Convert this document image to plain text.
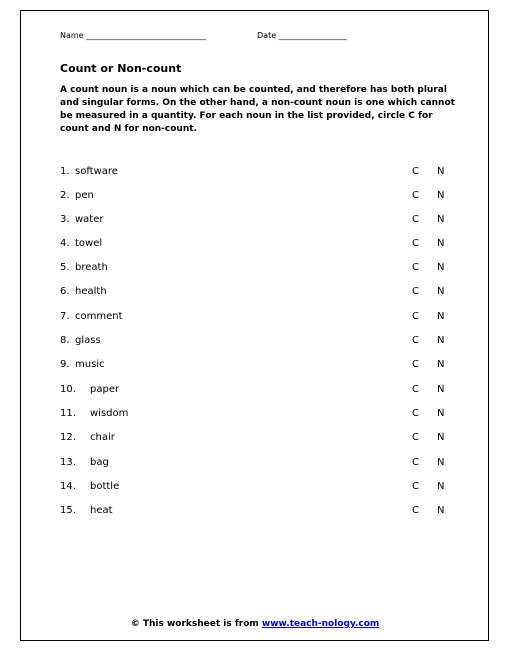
Name ______________________________	Date _________________
Count or Non-count

A count noun is a noun which can be counted, and therefore has both plural and singular forms. On the other hand, a non-count noun is one which cannot be measured in a quantity. For each noun in the list provided, circle C for count and N for non-count.

1. software	C N
2. pen	C N
3. water	C N
4. towel	C N
5. breath	C N
6. health	C N
7. comment	C N
8. glass	C N
9. music	C N
10. paper	C N
11. wisdom	C N
12. chair	C N
13. bag	C N
14. bottle	C N
15. heat	C N
© This worksheet is from www.teach-nology.com
